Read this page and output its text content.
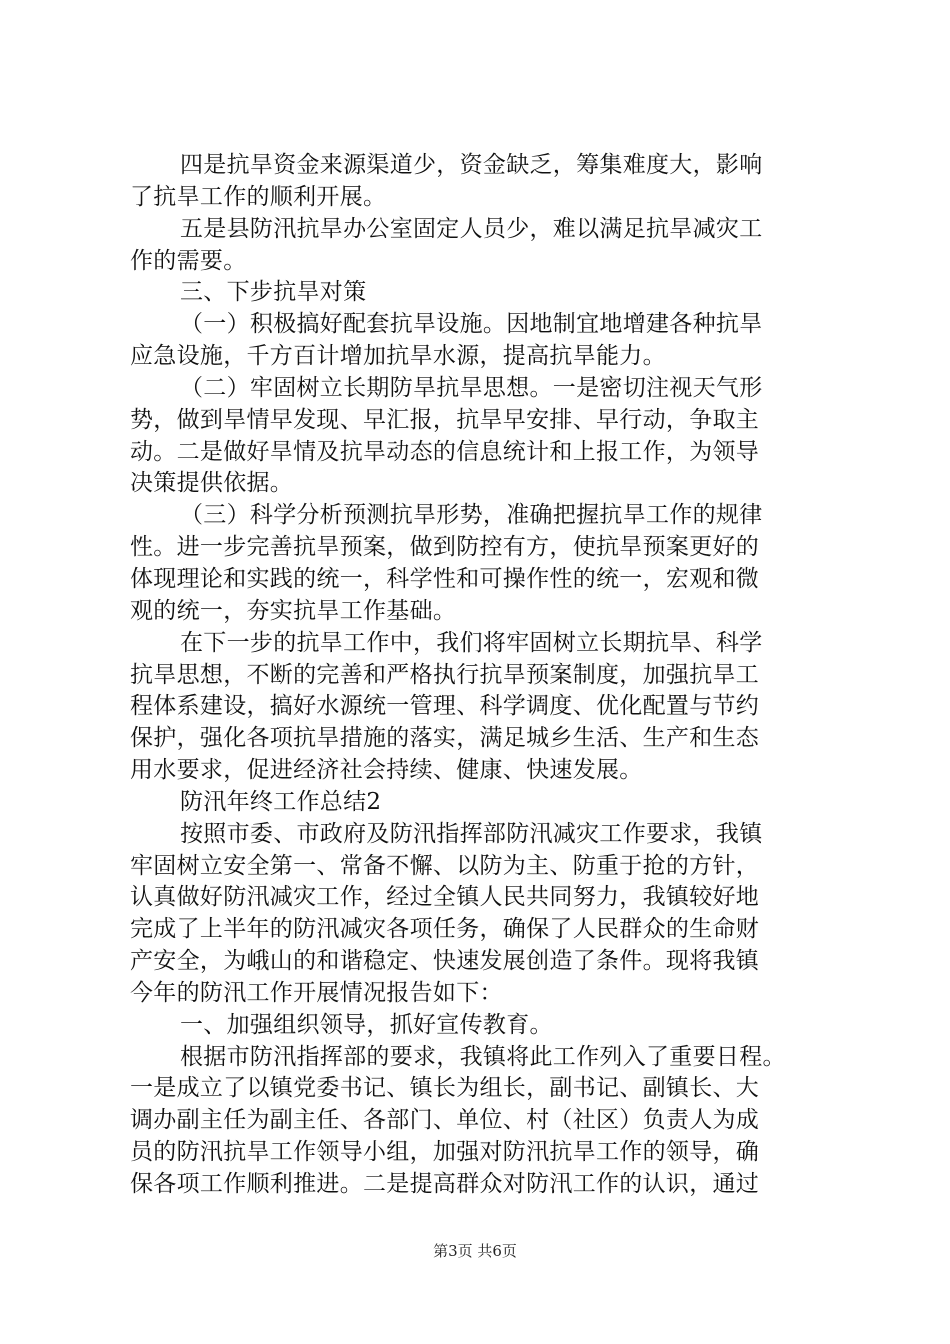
四是抗旱资金来源渠道少，资金缺乏，筹集难度大，影响
了抗旱工作的顺利开展。
五是县防汛抗旱办公室固定人员少，难以满足抗旱减灾工
作的需要。
三、下步抗旱对策
（一）积极搞好配套抗旱设施。因地制宜地增建各种抗旱
应急设施，千方百计增加抗旱水源，提高抗旱能力。
（二）牢固树立长期防旱抗旱思想。一是密切注视天气形
势，做到旱情早发现、早汇报，抗旱早安排、早行动，争取主
动。二是做好旱情及抗旱动态的信息统计和上报工作，为领导
决策提供依据。
（三）科学分析预测抗旱形势，准确把握抗旱工作的规律
性。进一步完善抗旱预案，做到防控有方，使抗旱预案更好的
体现理论和实践的统一，科学性和可操作性的统一，宏观和微
观的统一，夯实抗旱工作基础。
在下一步的抗旱工作中，我们将牢固树立长期抗旱、科学
抗旱思想，不断的完善和严格执行抗旱预案制度，加强抗旱工
程体系建设，搞好水源统一管理、科学调度、优化配置与节约
保护，强化各项抗旱措施的落实，满足城乡生活、生产和生态
用水要求，促进经济社会持续、健康、快速发展。
防汛年终工作总结2
按照市委、市政府及防汛指挥部防汛减灾工作要求，我镇
牢固树立安全第一、常备不懈、以防为主、防重于抢的方针，
认真做好防汛减灾工作，经过全镇人民共同努力，我镇较好地
完成了上半年的防汛减灾各项任务，确保了人民群众的生命财
产安全，为峨山的和谐稳定、快速发展创造了条件。现将我镇
今年的防汛工作开展情况报告如下：
一、加强组织领导，抓好宣传教育。
根据市防汛指挥部的要求，我镇将此工作列入了重要日程。
一是成立了以镇党委书记、镇长为组长，副书记、副镇长、大
调办副主任为副主任、各部门、单位、村（社区）负责人为成
员的防汛抗旱工作领导小组，加强对防汛抗旱工作的领导，确
保各项工作顺利推进。二是提高群众对防汛工作的认识，通过
第3页 共6页
